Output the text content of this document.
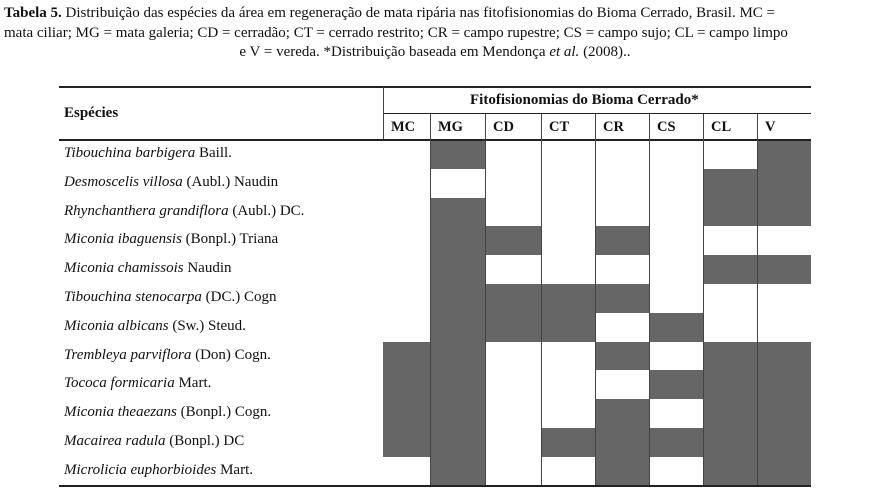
Tabela 5. Distribuição das espécies da área em regeneração de mata ripária nas fitofisionomias do Bioma Cerrado, Brasil. MC =
mata ciliar; MG = mata galeria; CD = cerradão; CT = cerrado restrito; CR = campo rupestre; CS = campo sujo; CL = campo limpo
e V = vereda. *Distribuição baseada em Mendonça et al. (2008)..
Espécies
Fitofisionomias do Bioma Cerrado*
MC MG CD CT CR CS CL V
Tibouchina barbigera Baill.
Desmoscelis villosa (Aubl.) Naudin
Rhynchanthera grandiflora (Aubl.) DC.
Miconia ibaguensis (Bonpl.) Triana
Miconia chamissois Naudin
Tibouchina stenocarpa (DC.) Cogn
Miconia albicans (Sw.) Steud.
Trembleya parviflora (Don) Cogn.
Tococa formicaria Mart.
Miconia theaezans (Bonpl.) Cogn.
Macairea radula (Bonpl.) DC
Microlicia euphorbioides Mart.
